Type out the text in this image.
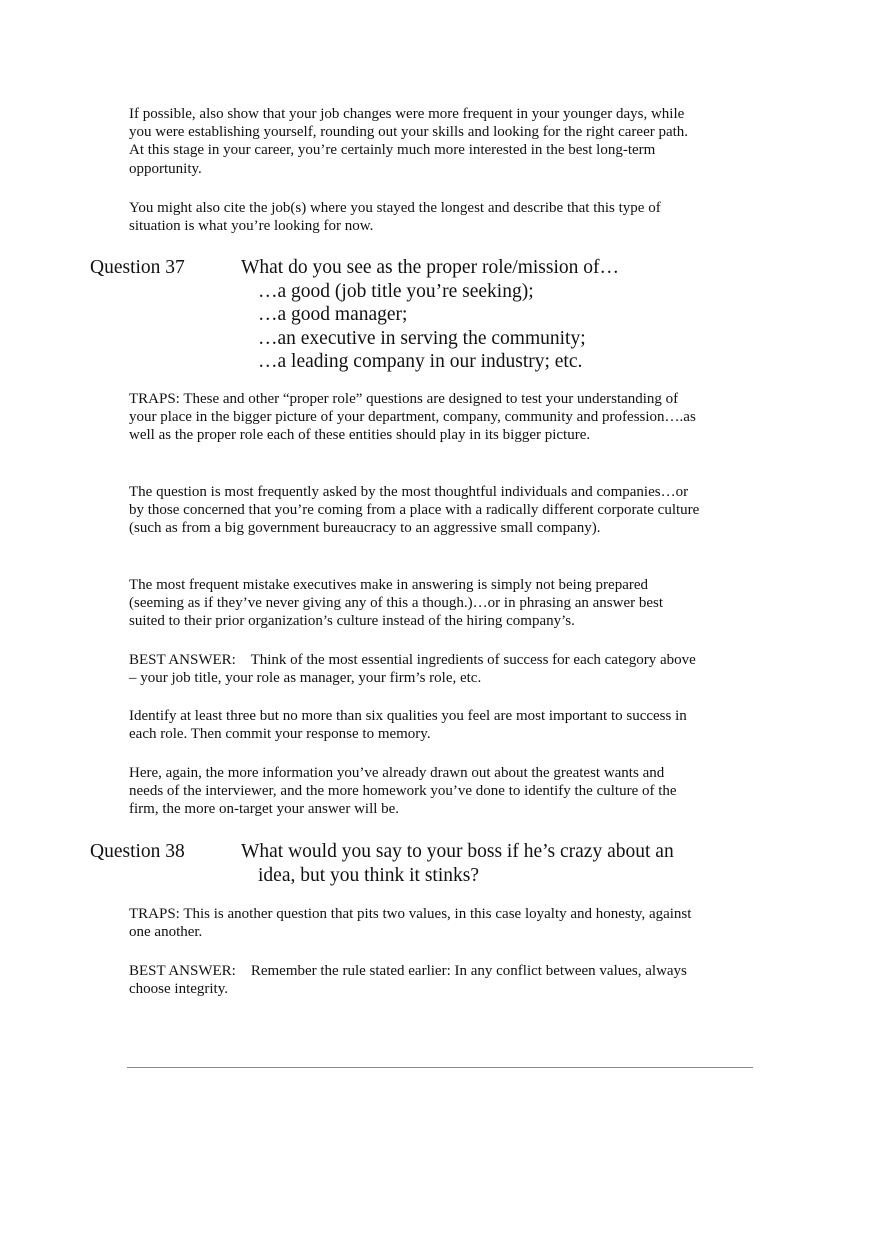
If possible, also show that your job changes were more frequent in your younger days, while you were establishing yourself, rounding out your skills and looking for the right career path. At this stage in your career, you’re certainly much more interested in the best long-term opportunity.

You might also cite the job(s) where you stayed the longest and describe that this type of situation is what you’re looking for now.

Question 37	What do you see as the proper role/mission of…
…a good (job title you’re seeking);
…a good manager;
…an executive in serving the community;
…a leading company in our industry; etc.

TRAPS: These and other “proper role” questions are designed to test your understanding of your place in the bigger picture of your department, company, community and profession….as well as the proper role each of these entities should play in its bigger picture.

The question is most frequently asked by the most thoughtful individuals and companies…or by those concerned that you’re coming from a place with a radically different corporate culture (such as from a big government bureaucracy to an aggressive small company).

The most frequent mistake executives make in answering is simply not being prepared (seeming as if they’ve never giving any of this a though.)…or in phrasing an answer best suited to their prior organization’s culture instead of the hiring company’s.

BEST ANSWER: Think of the most essential ingredients of success for each category above – your job title, your role as manager, your firm’s role, etc.

Identify at least three but no more than six qualities you feel are most important to success in each role. Then commit your response to memory.

Here, again, the more information you’ve already drawn out about the greatest wants and needs of the interviewer, and the more homework you’ve done to identify the culture of the firm, the more on-target your answer will be.

Question 38	What would you say to your boss if he’s crazy about an
idea, but you think it stinks?

TRAPS: This is another question that pits two values, in this case loyalty and honesty, against one another.

BEST ANSWER: Remember the rule stated earlier: In any conflict between values, always choose integrity.
